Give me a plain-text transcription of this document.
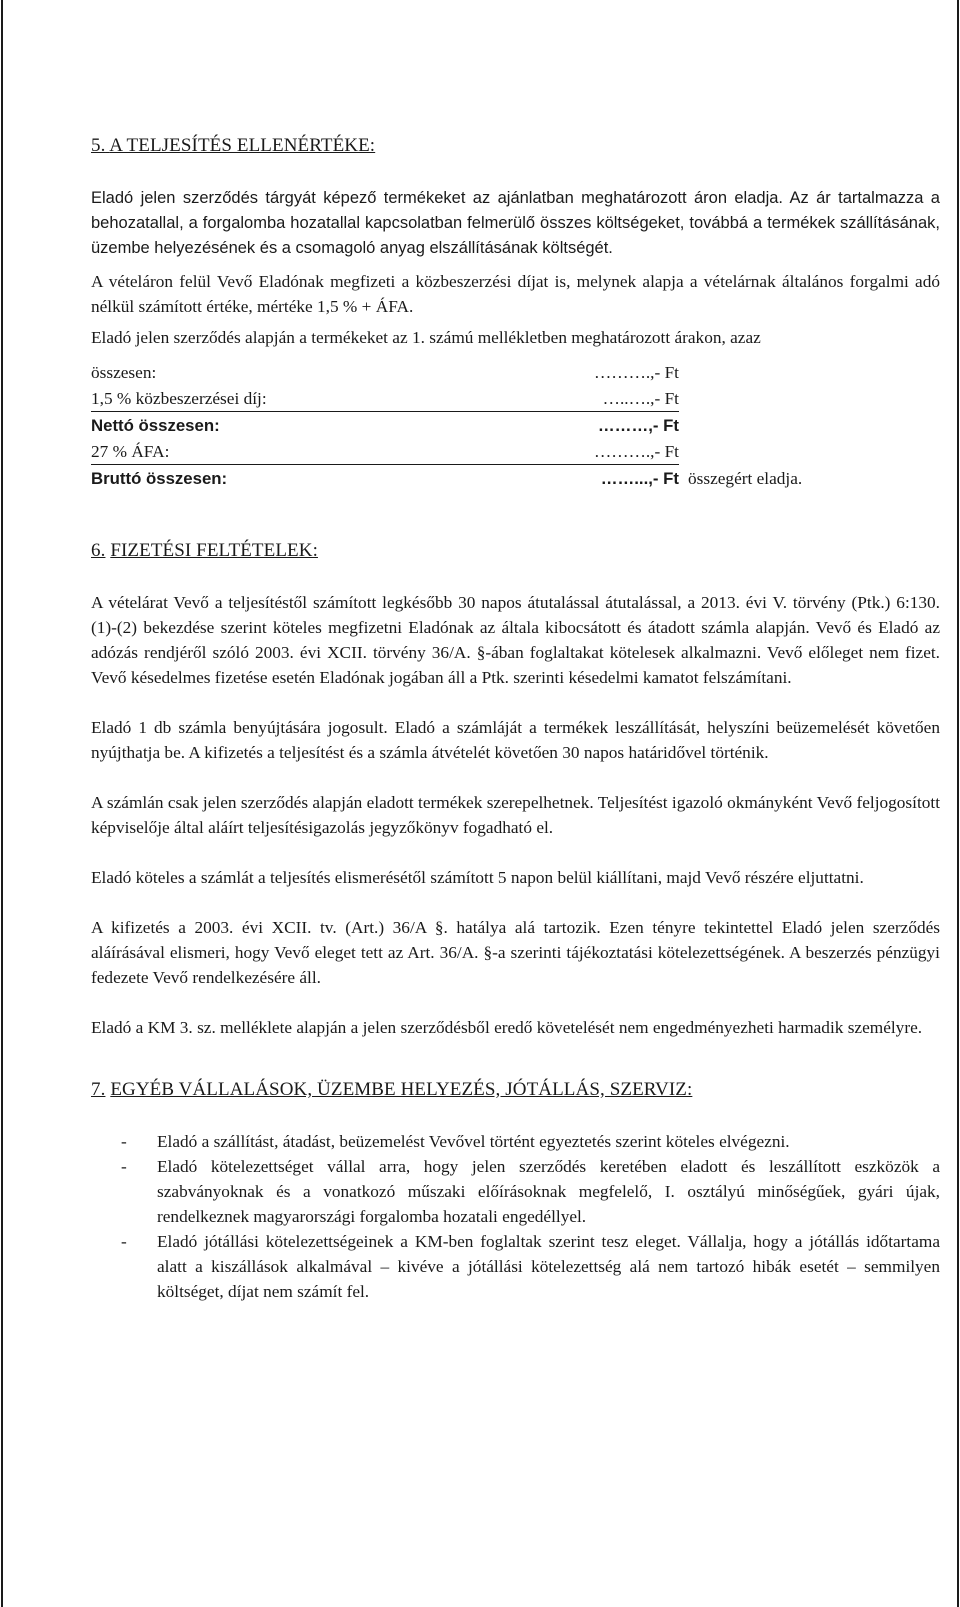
5. A TELJESÍTÉS ELLENÉRTÉKE:

Eladó jelen szerződés tárgyát képező termékeket az ajánlatban meghatározott áron eladja. Az ár tartalmazza a behozatallal, a forgalomba hozatallal kapcsolatban felmerülő összes költségeket, továbbá a termékek szállításának, üzembe helyezésének és a csomagoló anyag elszállításának költségét.

A vételáron felül Vevő Eladónak megfizeti a közbeszerzési díjat is, melynek alapja a vételárnak általános forgalmi adó nélkül számított értéke, mértéke 1,5 % + ÁFA.

Eladó jelen szerződés alapján a termékeket az 1. számú mellékletben meghatározott árakon, azaz

összesen:	……….,- Ft	
1,5 % közbeszerzései díj:	…..….,- Ft	
Nettó összesen:	………,- Ft	
27 % ÁFA:	……….,- Ft	
Bruttó összesen:	……...,- Ft	összegért eladja.
6. FIZETÉSI FELTÉTELEK:

A vételárat Vevő a teljesítéstől számított legkésőbb 30 napos átutalással átutalással, a 2013. évi V. törvény (Ptk.) 6:130. (1)-(2) bekezdése szerint köteles megfizetni Eladónak az általa kibocsátott és átadott számla alapján. Vevő és Eladó az adózás rendjéről szóló 2003. évi XCII. törvény 36/A. §-ában foglaltakat kötelesek alkalmazni. Vevő előleget nem fizet. Vevő késedelmes fizetése esetén Eladónak jogában áll a Ptk. szerinti késedelmi kamatot felszámítani.

Eladó 1 db számla benyújtására jogosult. Eladó a számláját a termékek leszállítását, helyszíni beüzemelését követően nyújthatja be. A kifizetés a teljesítést és a számla átvételét követően 30 napos határidővel történik.

A számlán csak jelen szerződés alapján eladott termékek szerepelhetnek. Teljesítést igazoló okmányként Vevő feljogosított képviselője által aláírt teljesítésigazolás jegyzőkönyv fogadható el.

Eladó köteles a számlát a teljesítés elismerésétől számított 5 napon belül kiállítani, majd Vevő részére eljuttatni.

A kifizetés a 2003. évi XCII. tv. (Art.) 36/A §. hatálya alá tartozik. Ezen tényre tekintettel Eladó jelen szerződés aláírásával elismeri, hogy Vevő eleget tett az Art. 36/A. §-a szerinti tájékoztatási kötelezettségének. A beszerzés pénzügyi fedezete Vevő rendelkezésére áll.

Eladó a KM 3. sz. melléklete alapján a jelen szerződésből eredő követelését nem engedményezheti harmadik személyre.

7. EGYÉB VÁLLALÁSOK, ÜZEMBE HELYEZÉS, JÓTÁLLÁS, SZERVIZ:
- Eladó a szállítást, átadást, beüzemelést Vevővel történt egyeztetés szerint köteles elvégezni.
- Eladó kötelezettséget vállal arra, hogy jelen szerződés keretében eladott és leszállított eszközök a szabványoknak és a vonatkozó műszaki előírásoknak megfelelő, I. osztályú minőségűek, gyári újak, rendelkeznek magyarországi forgalomba hozatali engedéllyel.
- Eladó jótállási kötelezettségeinek a KM-ben foglaltak szerint tesz eleget. Vállalja, hogy a jótállás időtartama alatt a kiszállások alkalmával – kivéve a jótállási kötelezettség alá nem tartozó hibák esetét – semmilyen költséget, díjat nem számít fel.
